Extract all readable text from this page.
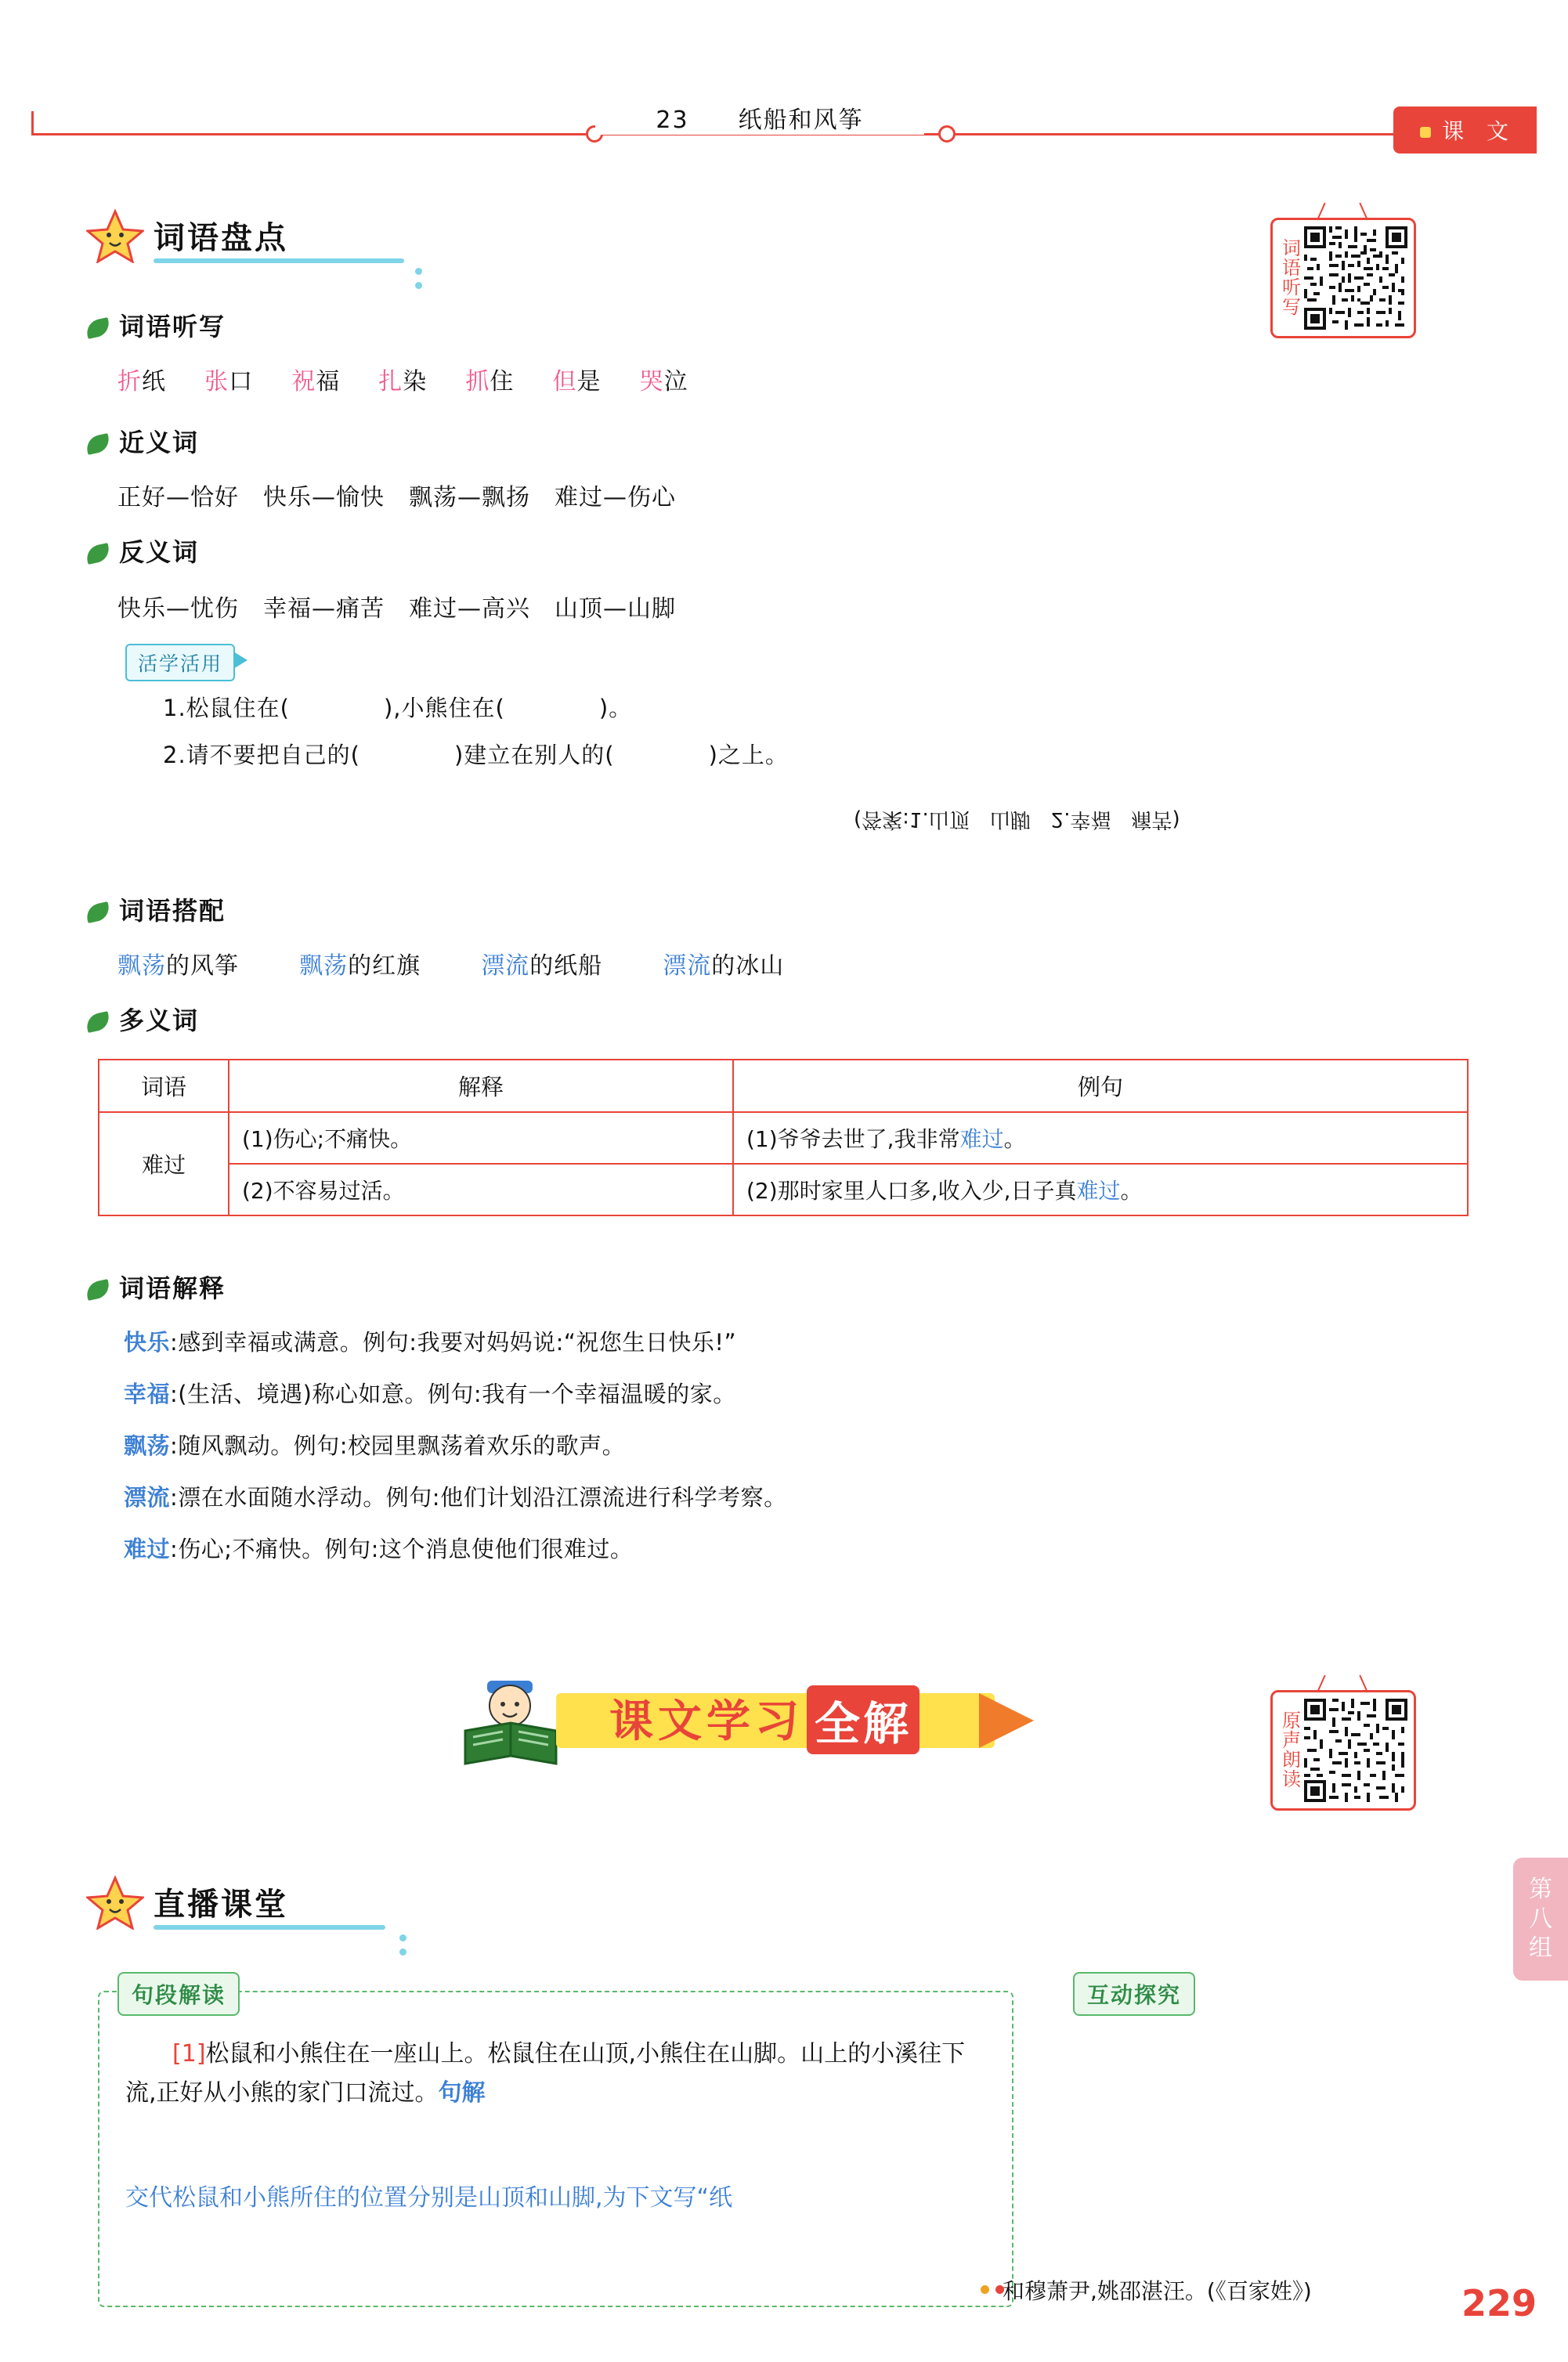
23 纸船和风筝	课 文
词语听写
词语盘点
词语听写
折纸 张口 祝福 扎染 抓住 但是 哭泣
近义词
正好—恰好　快乐—愉快　飘荡—飘扬　难过—伤心
反义词
快乐—忧伤　幸福—痛苦　难过—高兴　山顶—山脚
活学活用
1.松鼠住在(　　　　),小熊住在(　　　　)。
2.请不要把自己的(　　　　)建立在别人的(　　　　)之上。
(答案:1.山顶　山脚　2.幸福　痛苦)
词语搭配
飘荡的风筝	飘荡的红旗	漂流的纸船	漂流的冰山
多义词
词语	解释	例句
难过	(1)伤心;不痛快。	(1)爷爷去世了,我非常难过。
	(2)不容易过活。	(2)那时家里人口多,收入少,日子真难过。
词语解释
快乐:感到幸福或满意。例句:我要对妈妈说:“祝您生日快乐!”
幸福:(生活、境遇)称心如意。例句:我有一个幸福温暖的家。
飘荡:随风飘动。例句:校园里飘荡着欢乐的歌声。
漂流:漂在水面随水浮动。例句:他们计划沿江漂流进行科学考察。
难过:伤心;不痛快。例句:这个消息使他们很难过。
课文学习 全解	原声朗读
直播课堂
句段解读	互动探究
[1]松鼠和小熊住在一座山上。松鼠住在山顶,小熊住在山脚。山上的小溪往下流,正好从小熊的家门口流过。句解
交代松鼠和小熊所住的位置分别是山顶和山脚,为下文写“纸
第八组
和穆萧尹,姚邵湛汪。(《百家姓》)	229
